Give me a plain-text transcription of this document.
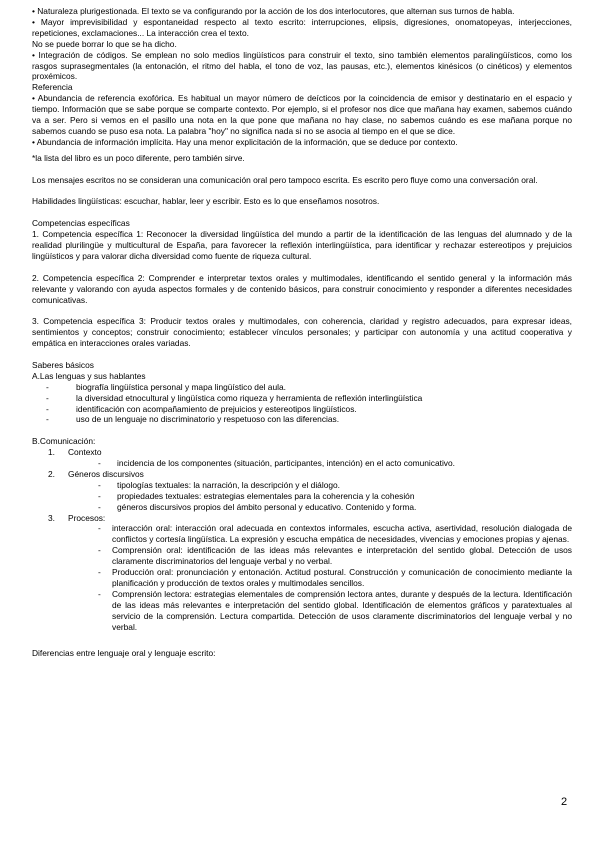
• Naturaleza plurigestionada. El texto se va configurando por la acción de los dos interlocutores, que alternan sus turnos de habla.
• Mayor imprevisibilidad y espontaneidad respecto al texto escrito: interrupciones, elipsis, digresiones, onomatopeyas, interjecciones, repeticiones, exclamaciones... La interacción crea el texto.
No se puede borrar lo que se ha dicho.
• Integración de códigos. Se emplean no solo medios lingüísticos para construir el texto, sino también elementos paralingüísticos, como los rasgos suprasegmentales (la entonación, el ritmo del habla, el tono de voz, las pausas, etc.), elementos kinésicos (o cinéticos) y elementos proxémicos.
Referencia
• Abundancia de referencia exofórica. Es habitual un mayor número de deícticos por la coincidencia de emisor y destinatario en el espacio y tiempo. Información que se sabe porque se comparte contexto. Por ejemplo, si el profesor nos dice que mañana hay examen, sabemos cuándo va a ser. Pero si vemos en el pasillo una nota en la que pone que mañana no hay clase, no sabemos cuándo es ese mañana porque no sabemos cuando se puso esa nota. La palabra "hoy" no significa nada si no se asocia al tiempo en el que se dice.
• Abundancia de información implícita. Hay una menor explicitación de la información, que se deduce por contexto.
*la lista del libro es un poco diferente, pero también sirve.
Los mensajes escritos no se consideran una comunicación oral pero tampoco escrita. Es escrito pero fluye como una conversación oral.
Habilidades lingüísticas: escuchar, hablar, leer y escribir. Esto es lo que enseñamos nosotros.
Competencias específicas
1. Competencia específica 1: Reconocer la diversidad lingüística del mundo a partir de la identificación de las lenguas del alumnado y de la realidad plurilingüe y multicultural de España, para favorecer la reflexión interlingüística, para identificar y rechazar estereotipos y prejuicios lingüísticos y para valorar dicha diversidad como fuente de riqueza cultural.
2. Competencia específica 2: Comprender e interpretar textos orales y multimodales, identificando el sentido general y la información más relevante y valorando con ayuda aspectos formales y de contenido básicos, para construir conocimiento y responder a diferentes necesidades comunicativas.
3. Competencia específica 3: Producir textos orales y multimodales, con coherencia, claridad y registro adecuados, para expresar ideas, sentimientos y conceptos; construir conocimiento; establecer vínculos personales; y participar con autonomía y una actitud cooperativa y empática en interacciones orales variadas.
Saberes básicos
A.Las lenguas y sus hablantes
-	biografía lingüística personal y mapa lingüístico del aula.
-	la diversidad etnocultural y lingüística como riqueza y herramienta de reflexión interlingüística
-	identificación con acompañamiento de prejuicios y estereotipos lingüísticos.
-	uso de un lenguaje no discriminatorio y respetuoso con las diferencias.
B.Comunicación:
1.	Contexto
-	incidencia de los componentes (situación, participantes, intención) en el acto comunicativo.
2.	Géneros discursivos
-	tipologías textuales: la narración, la descripción y el diálogo.
-	propiedades textuales: estrategias elementales para la coherencia y la cohesión
-	géneros discursivos propios del ámbito personal y educativo. Contenido y forma.
3.	Procesos:
-	interacción oral: interacción oral adecuada en contextos informales, escucha activa, asertividad, resolución dialogada de conflictos y cortesía lingüística. La expresión y escucha empática de necesidades, vivencias y emociones propias y ajenas.
-	Comprensión oral: identificación de las ideas más relevantes e interpretación del sentido global. Detección de usos claramente discriminatorios del lenguaje verbal y no verbal.
-	Producción oral: pronunciación y entonación. Actitud postural. Construcción y comunicación de conocimiento mediante la planificación y producción de textos orales y multimodales sencillos.
-	Comprensión lectora: estrategias elementales de comprensión lectora antes, durante y después de la lectura. Identificación de las ideas más relevantes e interpretación del sentido global. Identificación de elementos gráficos y paratextuales al servicio de la comprensión. Lectura compartida. Detección de usos claramente discriminatorios del lenguaje verbal y no verbal.
Diferencias entre lenguaje oral y lenguaje escrito:
2
